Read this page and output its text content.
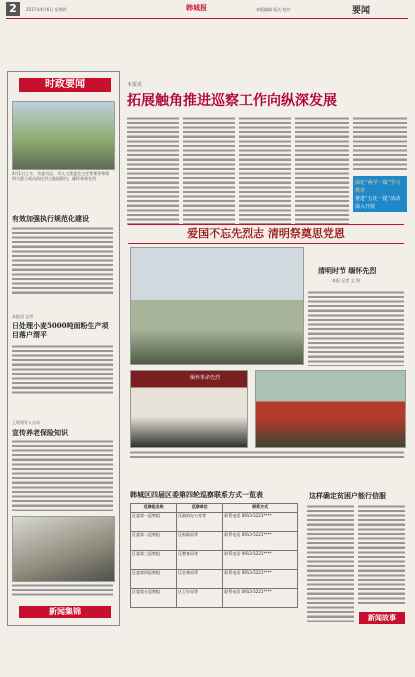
2	2017年4月6日 星期四	韩城报	本版编辑 版式 校对	要闻
时政要闻
4月1日上午，市委书记、市人大常委会主任等领导带领四大班子成员前往烈士陵园祭扫，缅怀革命先烈
有效加强执行规范化建设
本报讯 记者
日处理小麦5000吨面粉生产项目落户渭平
上级领导人社局
宣传养老保险知识
新闻集锦
本报讯
拓展触角推进巡察工作向纵深发展
深化“两学一做”学习教育
推进“五比一提”活动深入开展
爱国不忘先烈志 清明祭奠思党恩
清明时节 缅怀先烈
本报 记者 文 图
缅怀革命先烈
韩城区四届区委第四轮巡察联系方式一览表
巡察组名称	巡察单位	联系方式
区委第一巡察组	区政府办公室等	联系电话 0913-5221****
区委第二巡察组	区财政局等	联系电话 0913-5221****
区委第三巡察组	区教育局等	联系电话 0913-5221****
区委第四巡察组	区农林局等	联系电话 0913-5221****
区委第五巡察组	区卫计局等	联系电话 0913-5221****
这样确定贫困户能行信服
新闻故事
